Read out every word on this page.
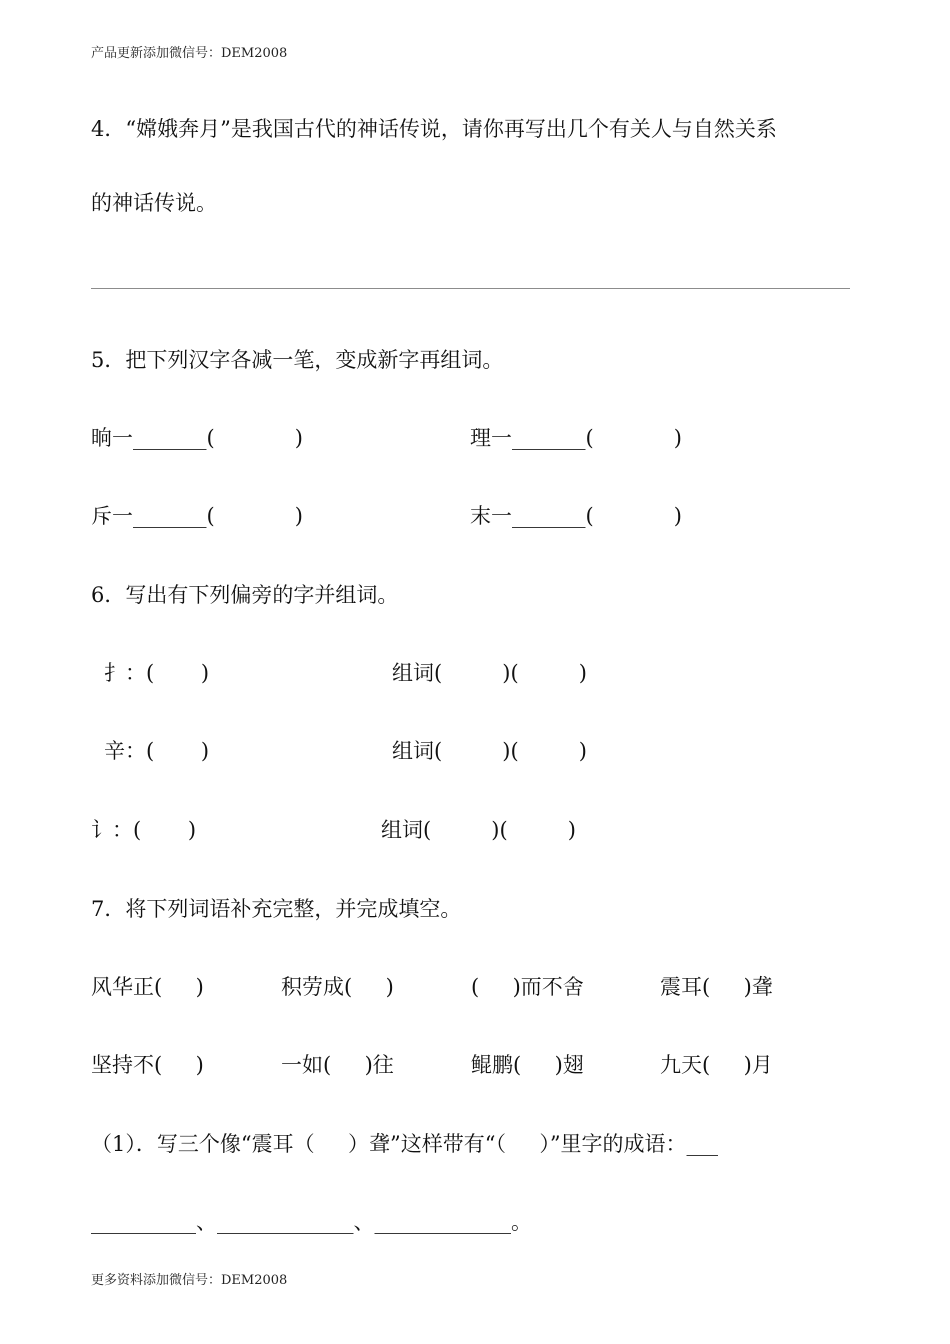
产品更新添加微信号：DEM2008
4．“嫦娥奔月”是我国古代的神话传说，请你再写出几个有关人与自然关系
的神话传说。
5．把下列汉字各减一笔，变成新字再组词。
晌一_______(            )	理一_______(            )
斥一_______(            )	末一_______(            )
6．写出有下列偏旁的字并组词。
扌：(       )	组词(         )(         )
辛：(       )	组词(         )(         )
讠：(       )	组词(         )(         )
7．将下列词语补充完整，并完成填空。
风华正(     )	积劳成(     )	(     )而不舍	震耳(     )聋
坚持不(     )	一如(     )往	鲲鹏(     )翅	九天(     )月
（1）．写三个像“震耳（     ）聋”这样带有“（     ）”里字的成语：___
__________、_____________、_____________。
更多资料添加微信号：DEM2008
